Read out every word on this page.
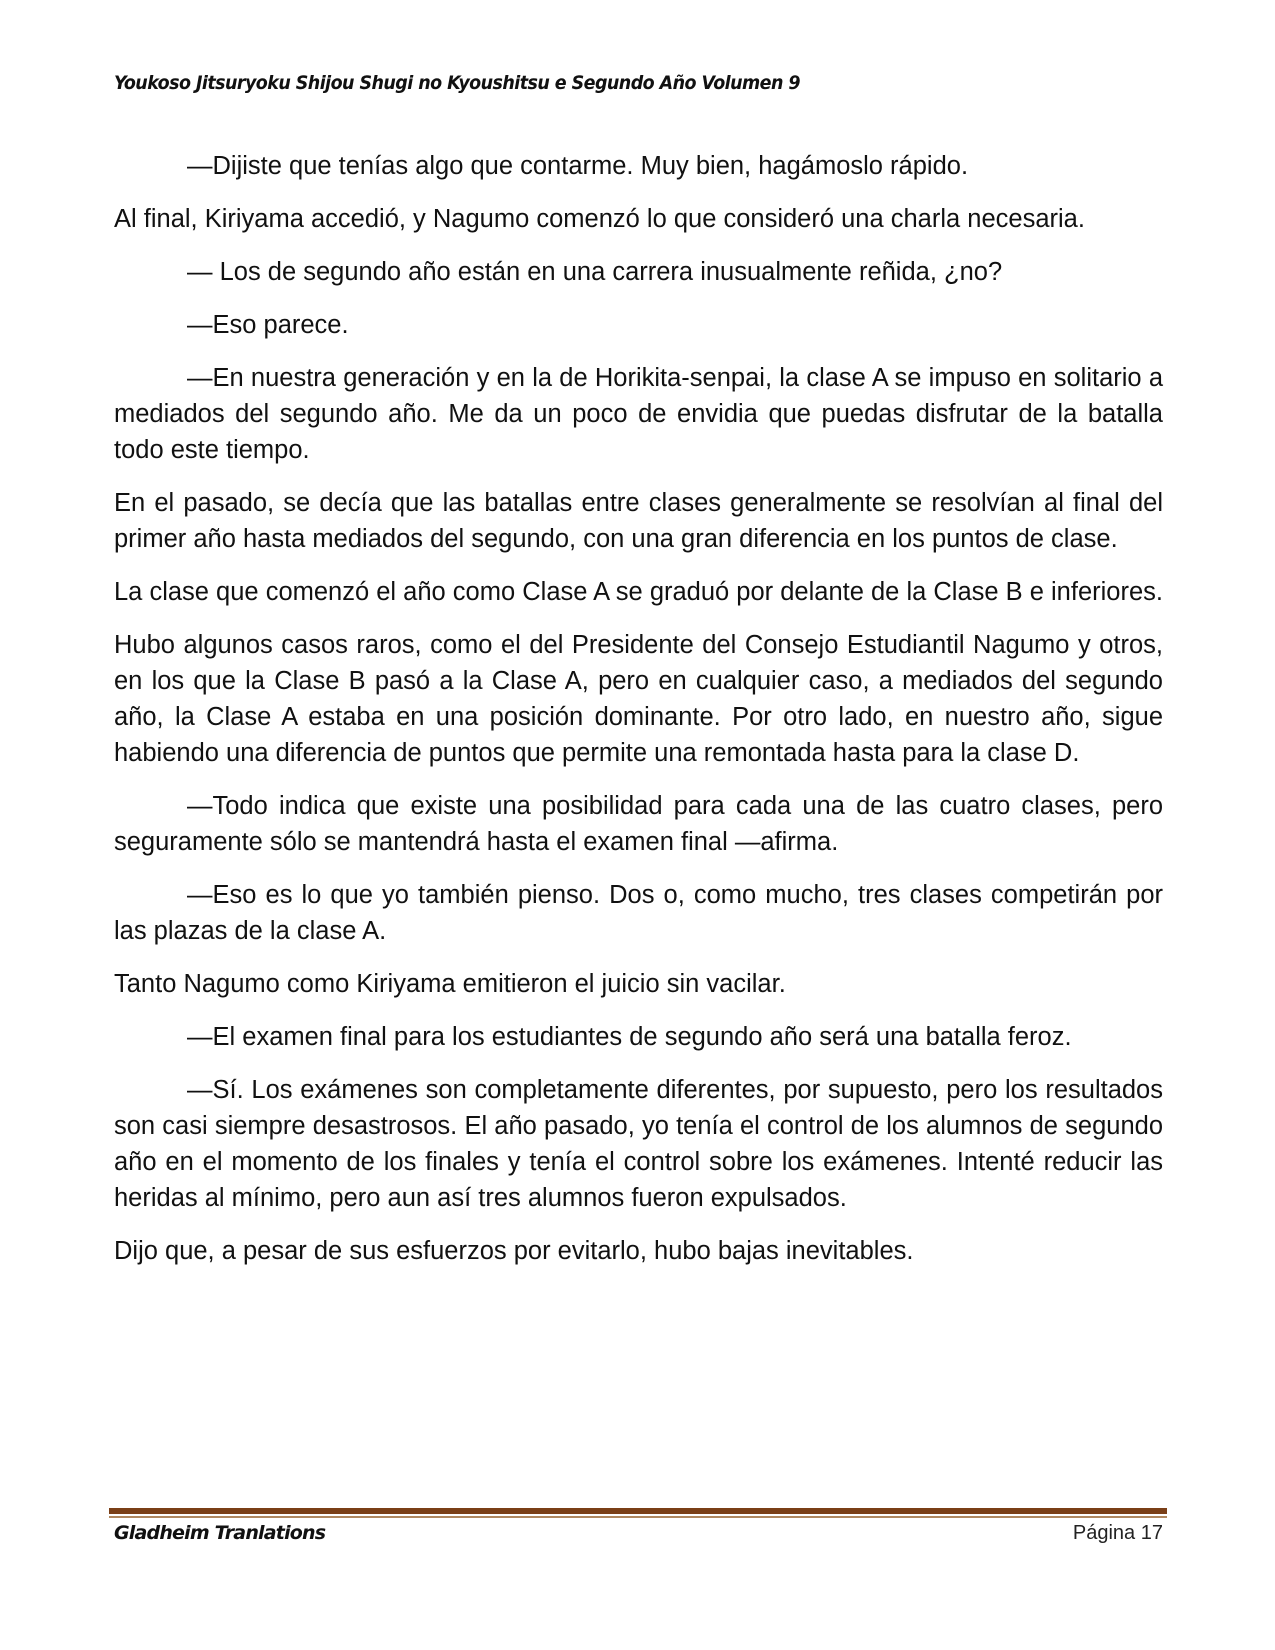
Youkoso Jitsuryoku Shijou Shugi no Kyoushitsu e Segundo Año Volumen 9

—Dijiste que tenías algo que contarme. Muy bien, hagámoslo rápido.

Al final, Kiriyama accedió, y Nagumo comenzó lo que consideró una charla necesaria.

— Los de segundo año están en una carrera inusualmente reñida, ¿no?

—Eso parece.

—En nuestra generación y en la de Horikita-senpai, la clase A se impuso en solitario a mediados del segundo año. Me da un poco de envidia que puedas disfrutar de la batalla todo este tiempo.

En el pasado, se decía que las batallas entre clases generalmente se resolvían al final del primer año hasta mediados del segundo, con una gran diferencia en los puntos de clase.

La clase que comenzó el año como Clase A se graduó por delante de la Clase B e inferiores.

Hubo algunos casos raros, como el del Presidente del Consejo Estudiantil Nagumo y otros, en los que la Clase B pasó a la Clase A, pero en cualquier caso, a mediados del segundo año, la Clase A estaba en una posición dominante. Por otro lado, en nuestro año, sigue habiendo una diferencia de puntos que permite una remontada hasta para la clase D.

—Todo indica que existe una posibilidad para cada una de las cuatro clases, pero seguramente sólo se mantendrá hasta el examen final —afirma.

—Eso es lo que yo también pienso. Dos o, como mucho, tres clases competirán por las plazas de la clase A.

Tanto Nagumo como Kiriyama emitieron el juicio sin vacilar.

—El examen final para los estudiantes de segundo año será una batalla feroz.

—Sí. Los exámenes son completamente diferentes, por supuesto, pero los resultados son casi siempre desastrosos. El año pasado, yo tenía el control de los alumnos de segundo año en el momento de los finales y tenía el control sobre los exámenes. Intenté reducir las heridas al mínimo, pero aun así tres alumnos fueron expulsados.

Dijo que, a pesar de sus esfuerzos por evitarlo, hubo bajas inevitables.

Gladheim Tranlations	Página 17
